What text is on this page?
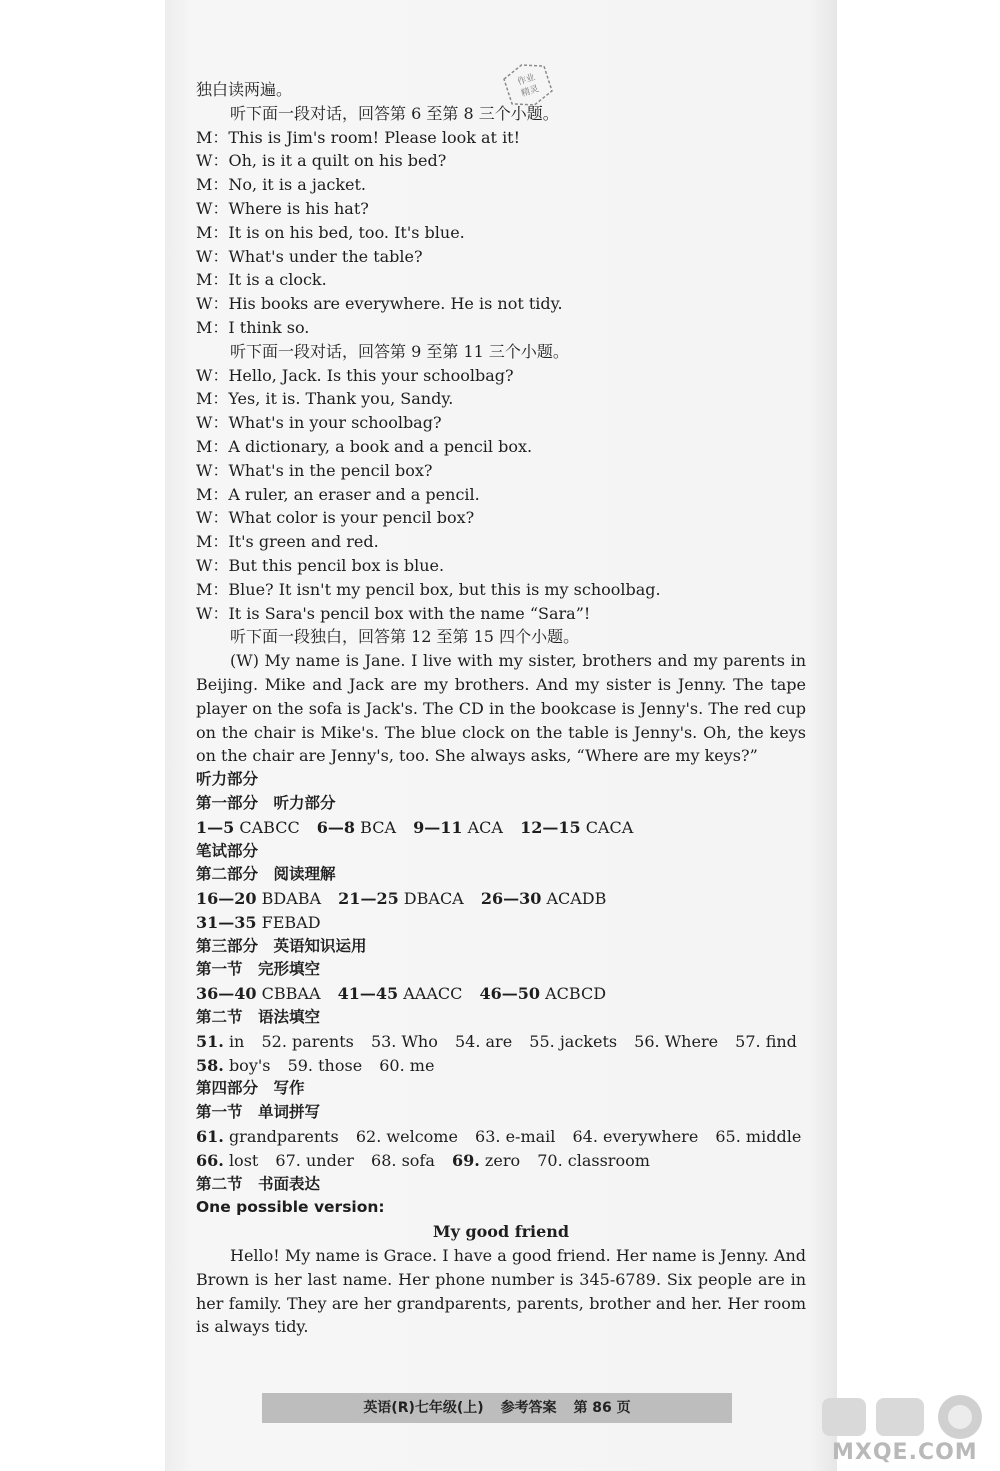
作业
精灵
独白读两遍。
听下面一段对话，回答第 6 至第 8 三个小题。
M：This is Jim's room! Please look at it!
W：Oh, is it a quilt on his bed?
M：No, it is a jacket.
W：Where is his hat?
M：It is on his bed, too. It's blue.
W：What's under the table?
M：It is a clock.
W：His books are everywhere. He is not tidy.
M：I think so.
听下面一段对话，回答第 9 至第 11 三个小题。
W：Hello, Jack. Is this your schoolbag?
M：Yes, it is. Thank you, Sandy.
W：What's in your schoolbag?
M：A dictionary, a book and a pencil box.
W：What's in the pencil box?
M：A ruler, an eraser and a pencil.
W：What color is your pencil box?
M：It's green and red.
W：But this pencil box is blue.
M：Blue? It isn't my pencil box, but this is my schoolbag.
W：It is Sara's pencil box with the name “Sara”!
听下面一段独白，回答第 12 至第 15 四个小题。
(W) My name is Jane. I live with my sister, brothers and my parents in Beijing. Mike and Jack are my brothers. And my sister is Jenny. The tape player on the sofa is Jack's. The CD in the bookcase is Jenny's. The red cup on the chair is Mike's. The blue clock on the table is Jenny's. Oh, the keys on the chair are Jenny's, too. She always asks, “Where are my keys?”
听力部分
第一部分　听力部分
1—5 CABCC 6—8 BCA 9—11 ACA 12—15 CACA
笔试部分
第二部分　阅读理解
16—20 BDABA 21—25 DBACA 26—30 ACADB
31—35 FEBAD
第三部分　英语知识运用
第一节　完形填空
36—40 CBBAA 41—45 AAACC 46—50 ACBCD
第二节　语法填空
51. in 52. parents 53. Who 54. are 55. jackets 56. Where 57. find
58. boy's 59. those 60. me
第四部分　写作
第一节　单词拼写
61. grandparents 62. welcome 63. e-mail 64. everywhere 65. middle
66. lost 67. under 68. sofa 69. zero 70. classroom
第二节　书面表达
One possible version:
My good friend
Hello! My name is Grace. I have a good friend. Her name is Jenny. And Brown is her last name. Her phone number is 345-6789. Six people are in her family. They are her grandparents, parents, brother and her. Her room is always tidy.
英语(R)七年级(上) 参考答案 第 86 页
MXQE.COM
